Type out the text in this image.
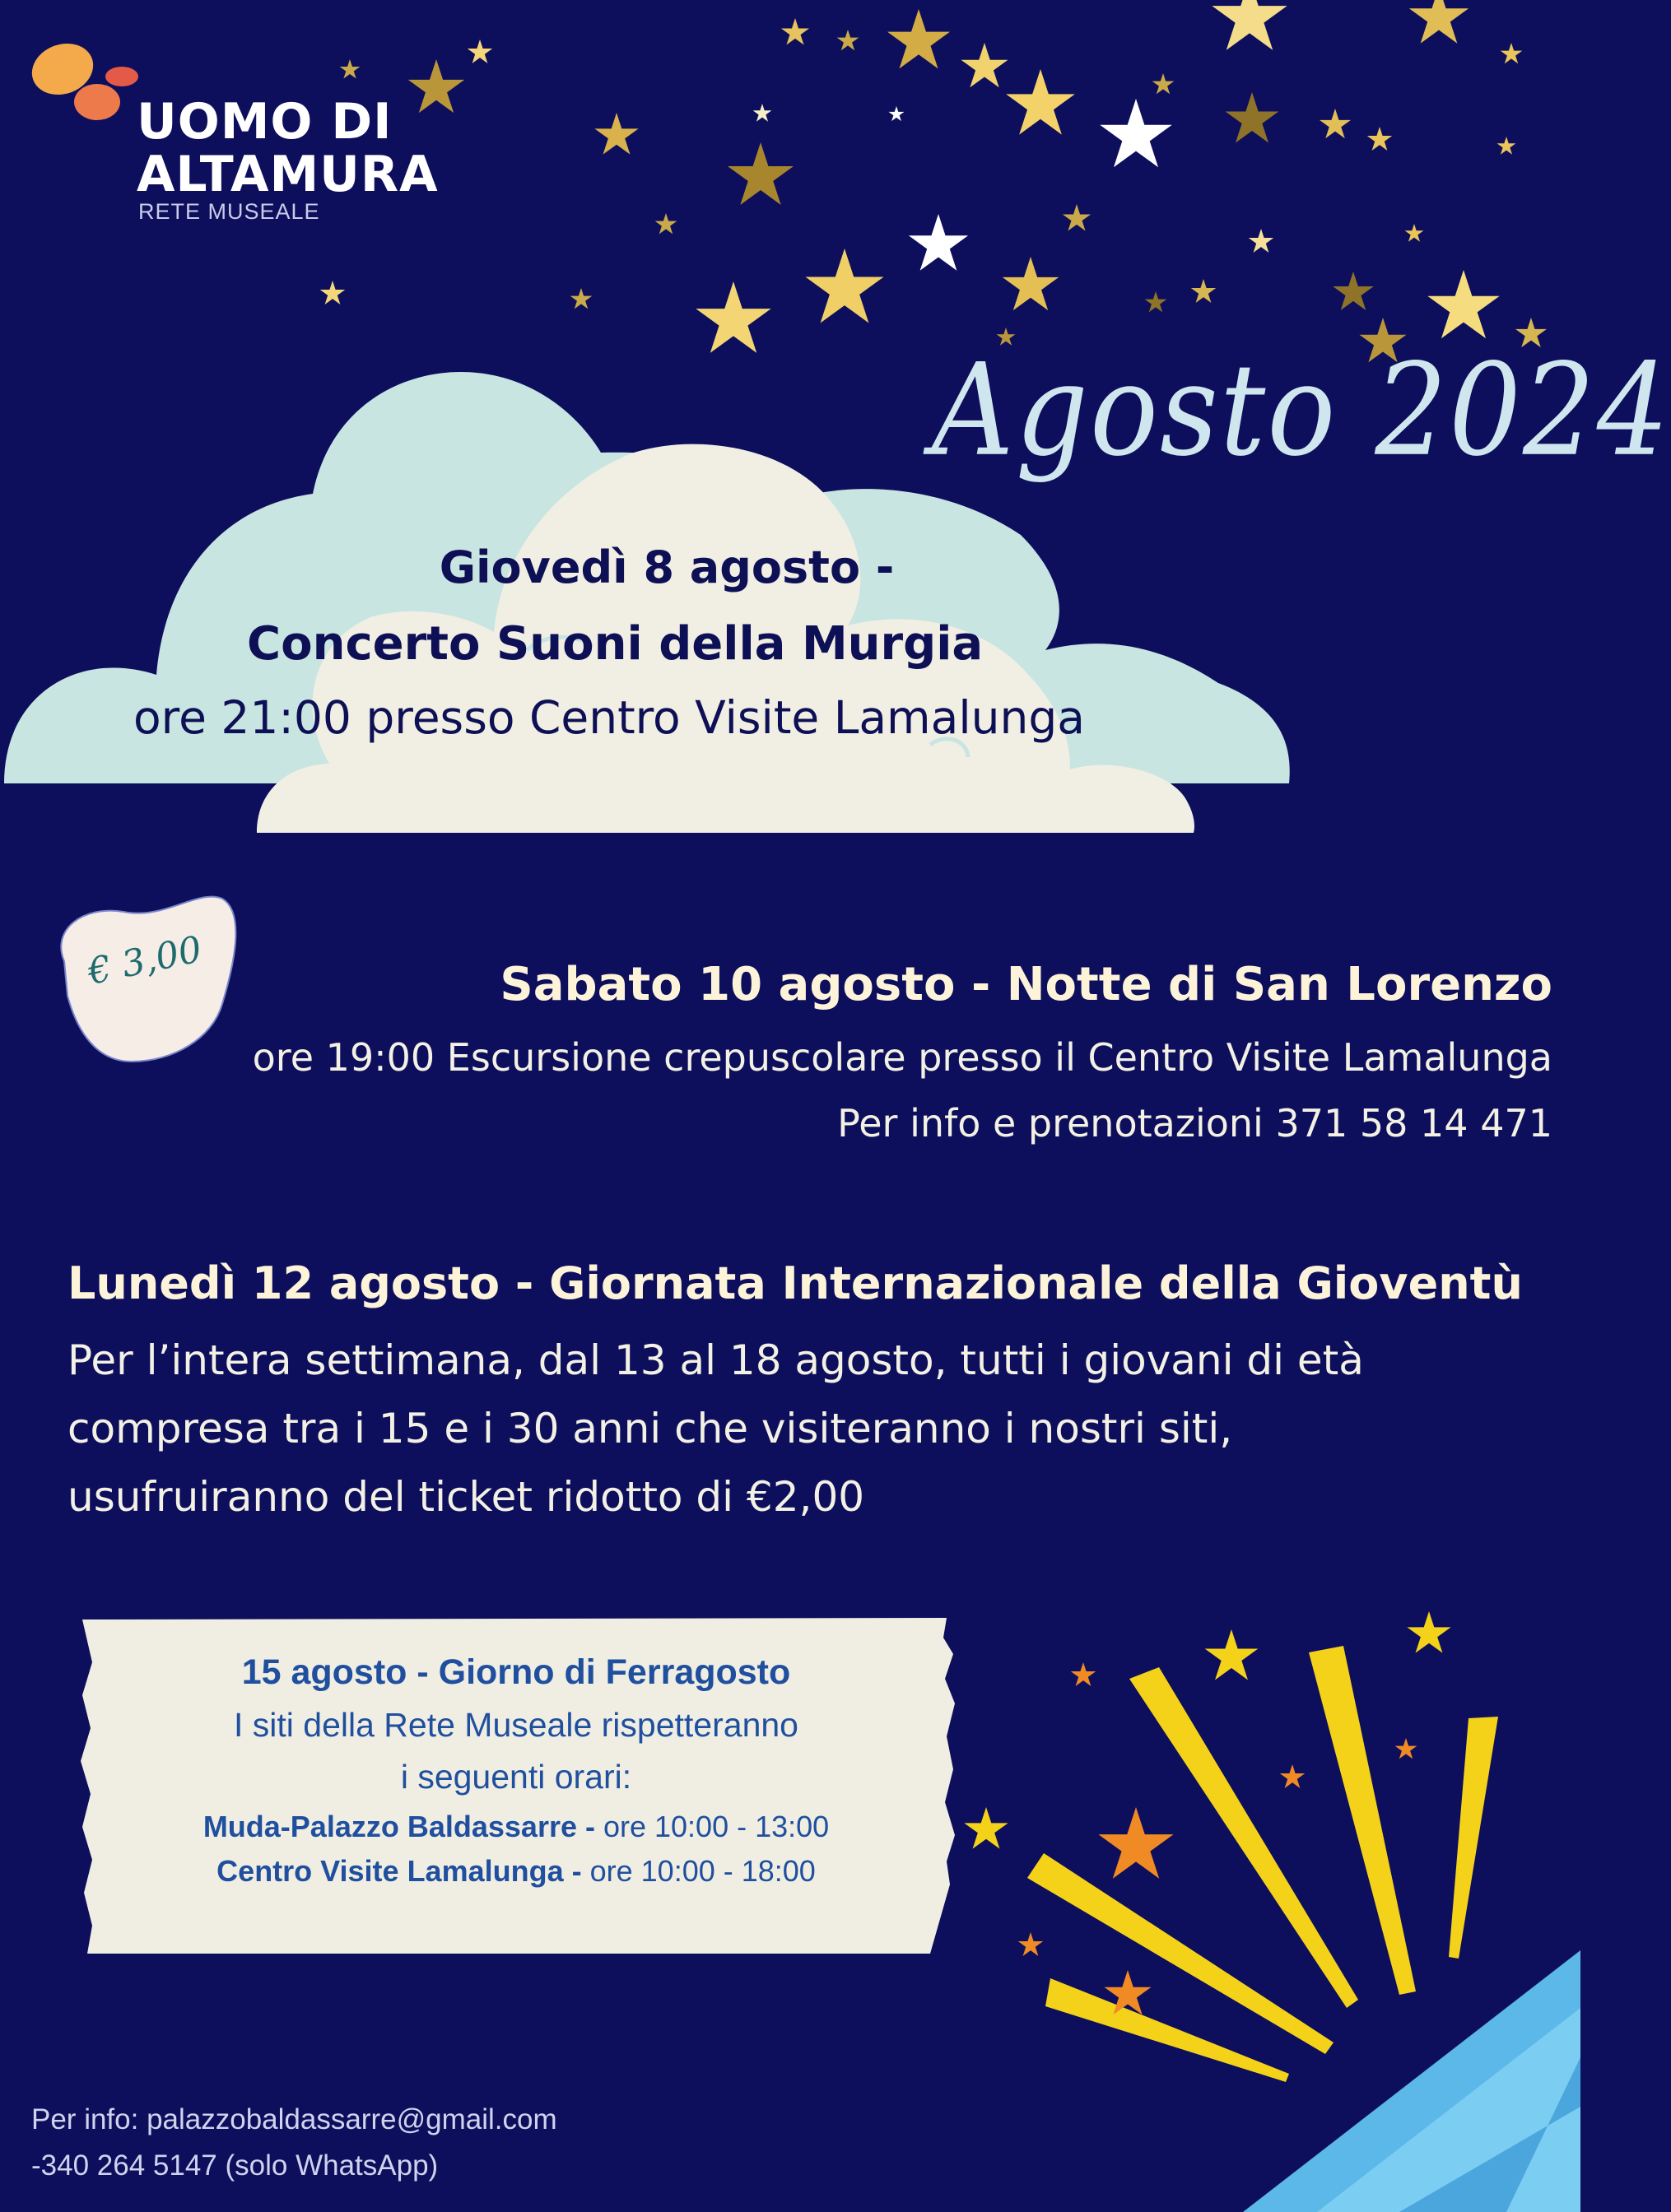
UOMO DI
ALTAMURA
RETE MUSEALE
Agosto 2024
Giovedì 8 agosto -
Concerto Suoni della Murgia
ore 21:00 presso Centro Visite Lamalunga
€ 3,00	Sabato 10 agosto - Notte di San Lorenzo
ore 19:00 Escursione crepuscolare presso il Centro Visite Lamalunga
Per info e prenotazioni 371 58 14 471
Lunedì 12 agosto - Giornata Internazionale della Gioventù
Per l’intera settimana, dal 13 al 18 agosto, tutti i giovani di età
compresa tra i 15 e i 30 anni che visiteranno i nostri siti,
usufruiranno del ticket ridotto di €2,00
15 agosto - Giorno di Ferragosto
I siti della Rete Museale rispetteranno
i seguenti orari:
Muda-Palazzo Baldassarre - ore 10:00 - 13:00
Centro Visite Lamalunga - ore 10:00 - 18:00
Per info: palazzobaldassarre@gmail.com
-340 264 5147 (solo WhatsApp)
